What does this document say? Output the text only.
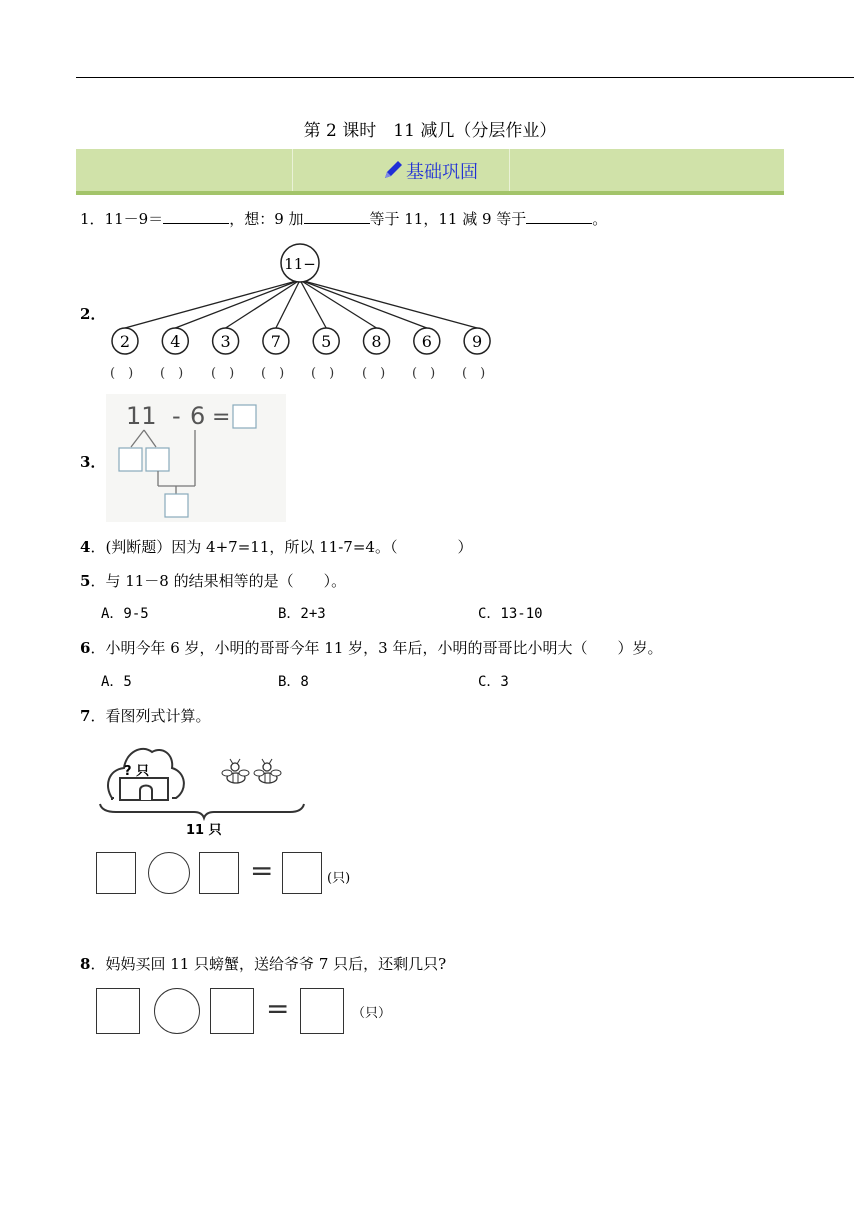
第 2 课时　11 减几（分层作业）
基础巩固
1．11－9＝	，想：9 加	等于 11，11 减 9 等于	。
2．
11−
2	4	3	7	5	8	6	9
(　) (　) (　) (　) (　) (　) (　) (　)
3．
11 - 6 =
4．(判断题）因为 4+7=11，所以 11-7=4。（　　　　）
5．与 11－8 的结果相等的是（　　）。
A．9-5	B．2+3	C．13-10
6．小明今年 6 岁，小明的哥哥今年 11 岁，3 年后，小明的哥哥比小明大（　　）岁。
A．5	B．8	C．3
7．看图列式计算。
? 只
11 只
=	(只)
8．妈妈买回 11 只螃蟹，送给爷爷 7 只后，还剩几只?
=	（只）
